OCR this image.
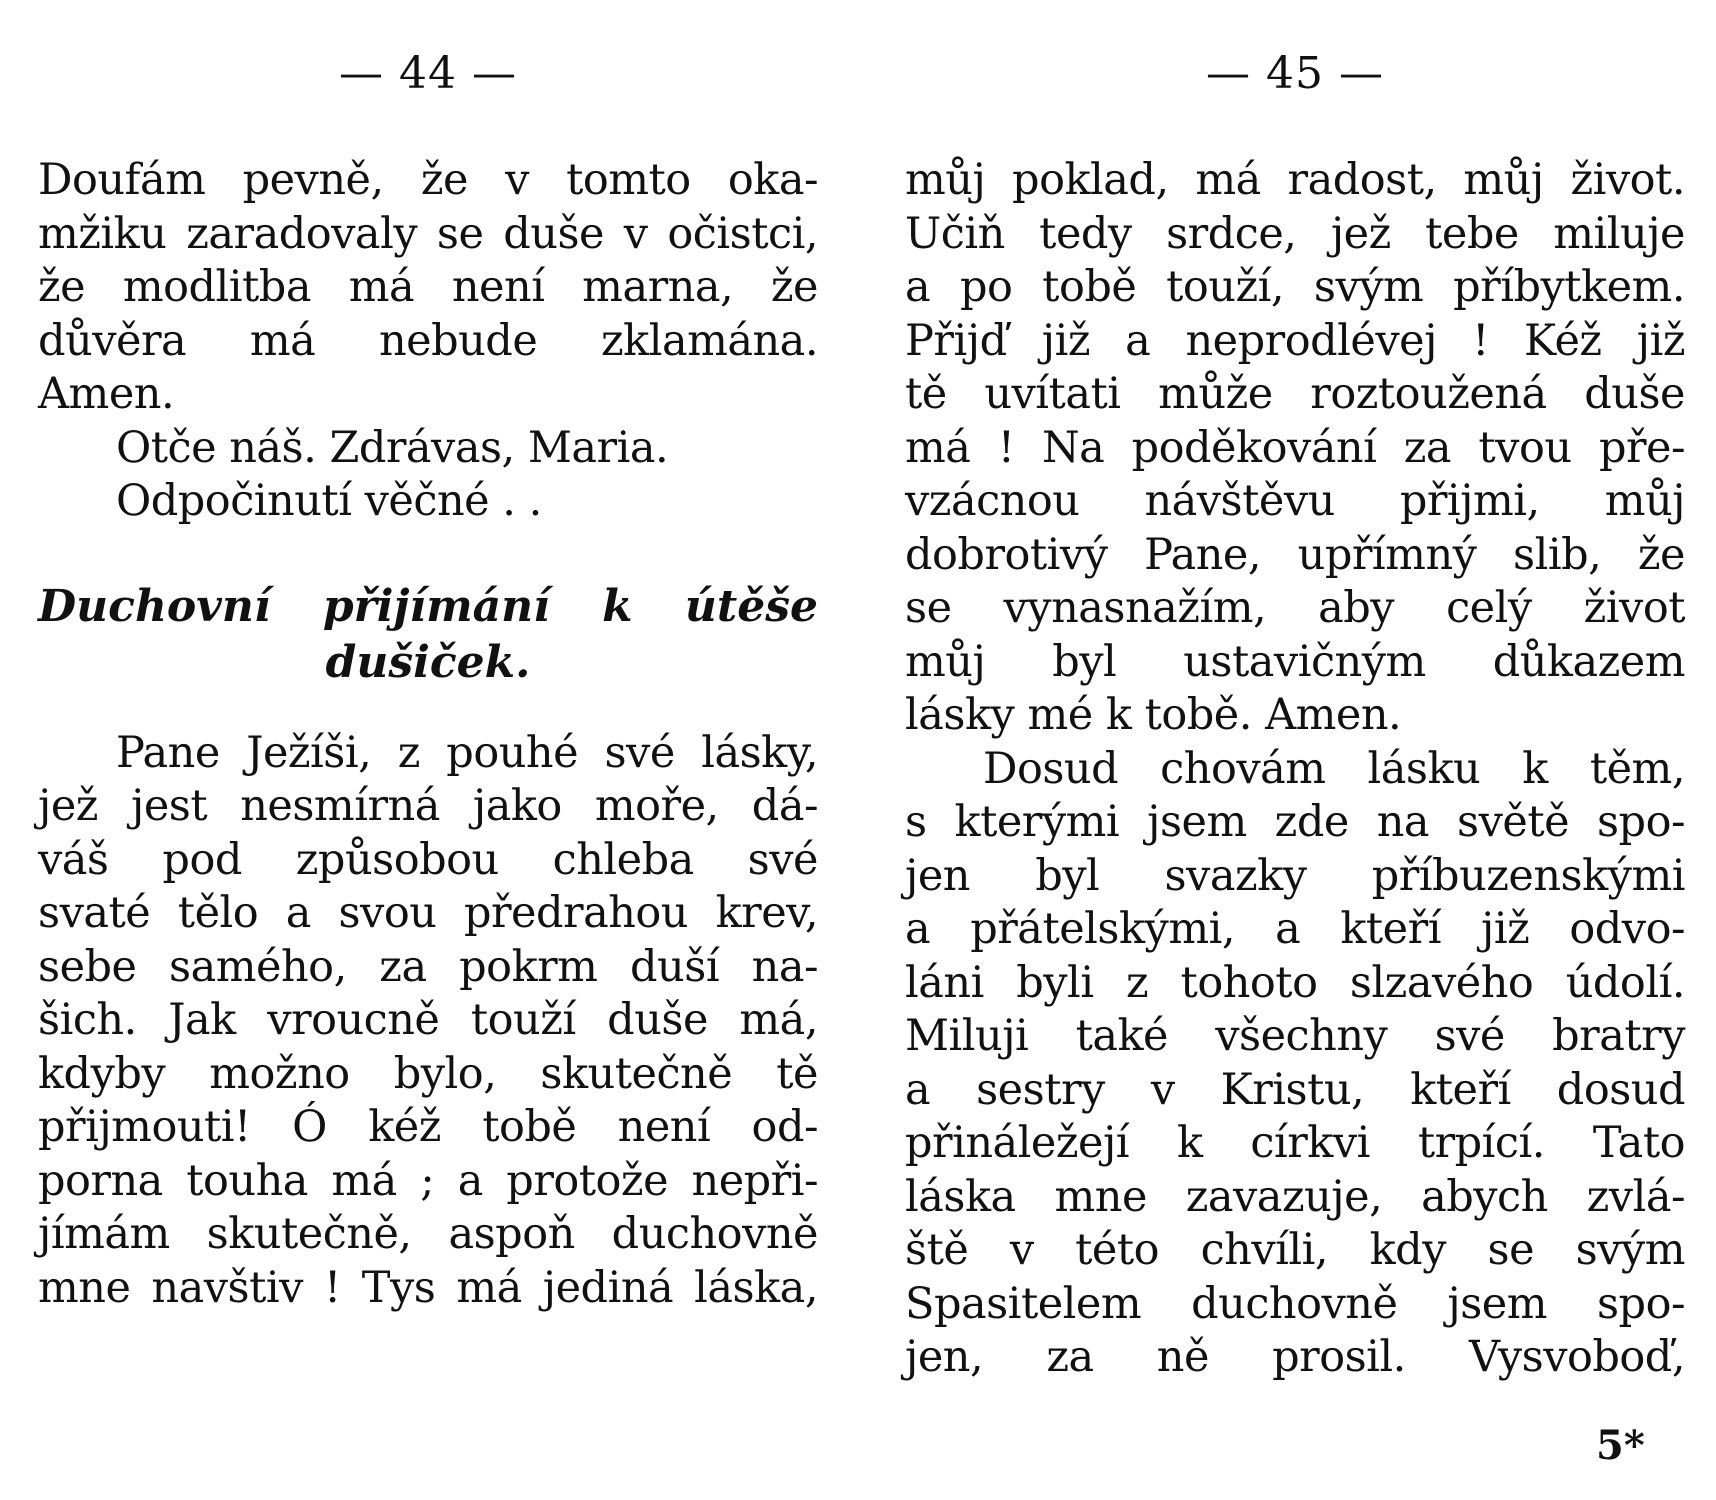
— 44 —
Doufám pevně, že v tomto oka-
mžiku zaradovaly se duše v očistci,
že modlitba má není marna, že
důvěra má nebude zklamána.
Amen.
Otče náš. Zdrávas, Maria.
Odpočinutí věčné . .
Duchovní přijímání k útěše
dušiček.
Pane Ježíši, z pouhé své lásky,
jež jest nesmírná jako moře, dá-
váš pod způsobou chleba své
svaté tělo a svou předrahou krev,
sebe samého, za pokrm duší na-
šich. Jak vroucně touží duše má,
kdyby možno bylo, skutečně tě
přijmouti! Ó kéž tobě není od-
porna touha má ; a protože nepři-
jímám skutečně, aspoň duchovně
mne navštiv ! Tys má jediná láska,
— 45 —
můj poklad, má radost, můj život.
Učiň tedy srdce, jež tebe miluje
a po tobě touží, svým příbytkem.
Přijď již a neprodlévej ! Kéž již
tě uvítati může roztoužená duše
má ! Na poděkování za tvou pře-
vzácnou návštěvu přijmi, můj
dobrotivý Pane, upřímný slib, že
se vynasnažím, aby celý život
můj byl ustavičným důkazem
lásky mé k tobě. Amen.
Dosud chovám lásku k těm,
s kterými jsem zde na světě spo-
jen byl svazky příbuzenskými
a přátelskými, a kteří již odvo-
láni byli z tohoto slzavého údolí.
Miluji také všechny své bratry
a sestry v Kristu, kteří dosud
přináležejí k církvi trpící. Tato
láska mne zavazuje, abych zvlá-
ště v této chvíli, kdy se svým
Spasitelem duchovně jsem spo-
jen, za ně prosil. Vysvoboď,
5*
